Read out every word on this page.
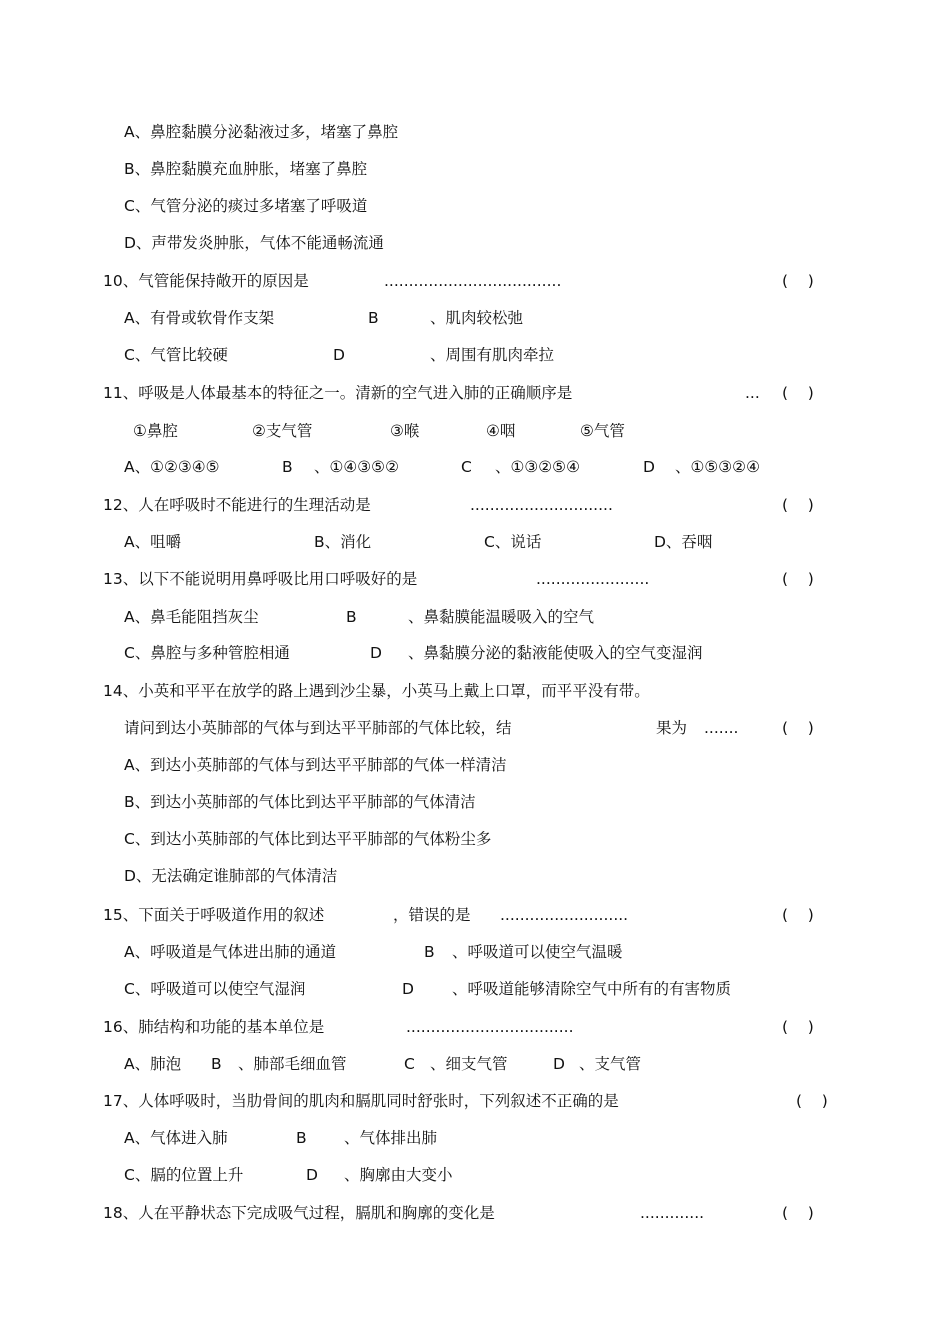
A、鼻腔黏膜分泌黏液过多，堵塞了鼻腔
B、鼻腔黏膜充血肿胀，堵塞了鼻腔
C、气管分泌的痰过多堵塞了呼吸道
D、声带发炎肿胀，气体不能通畅流通
10、气管能保持敞开的原因是	....................................	(    )
A、有骨或软骨作支架	B	、肌肉较松弛
C、气管比较硬	D	、周围有肌肉牵拉
11、呼吸是人体最基本的特征之一。清新的空气进入肺的正确顺序是	... (    )
①鼻腔	②支气管	③喉	④咽	⑤气管
A、①②③④⑤	B 、①④③⑤②	C 、①③②⑤④	D 、①⑤③②④
12、人在呼吸时不能进行的生理活动是	.............................	(    )
A、咀嚼	B、消化	C、说话	D、吞咽
13、以下不能说明用鼻呼吸比用口呼吸好的是	.......................	(    )
A、鼻毛能阻挡灰尘	B	、鼻黏膜能温暖吸入的空气
C、鼻腔与多种管腔相通	D 、鼻黏膜分泌的黏液能使吸入的空气变湿润
14、小英和平平在放学的路上遇到沙尘暴，小英马上戴上口罩，而平平没有带。
请问到达小英肺部的气体与到达平平肺部的气体比较，结	果为 .......	(    )
A、到达小英肺部的气体与到达平平肺部的气体一样清洁
B、到达小英肺部的气体比到达平平肺部的气体清洁
C、到达小英肺部的气体比到达平平肺部的气体粉尘多
D、无法确定谁肺部的气体清洁
15、下面关于呼吸道作用的叙述	，错误的是 ..........................	(    )
A、呼吸道是气体进出肺的通道	B 、呼吸道可以使空气温暖
C、呼吸道可以使空气湿润	D 、呼吸道能够清除空气中所有的有害物质
16、肺结构和功能的基本单位是	..................................	(    )
A、肺泡 B 、肺部毛细血管	C 、细支气管	D 、支气管
17、人体呼吸时，当肋骨间的肌肉和膈肌同时舒张时，下列叙述不正确的是	(    )
A、气体进入肺	B 、气体排出肺
C、膈的位置上升	D 、胸廓由大变小
18、人在平静状态下完成吸气过程，膈肌和胸廓的变化是	.............	(    )
